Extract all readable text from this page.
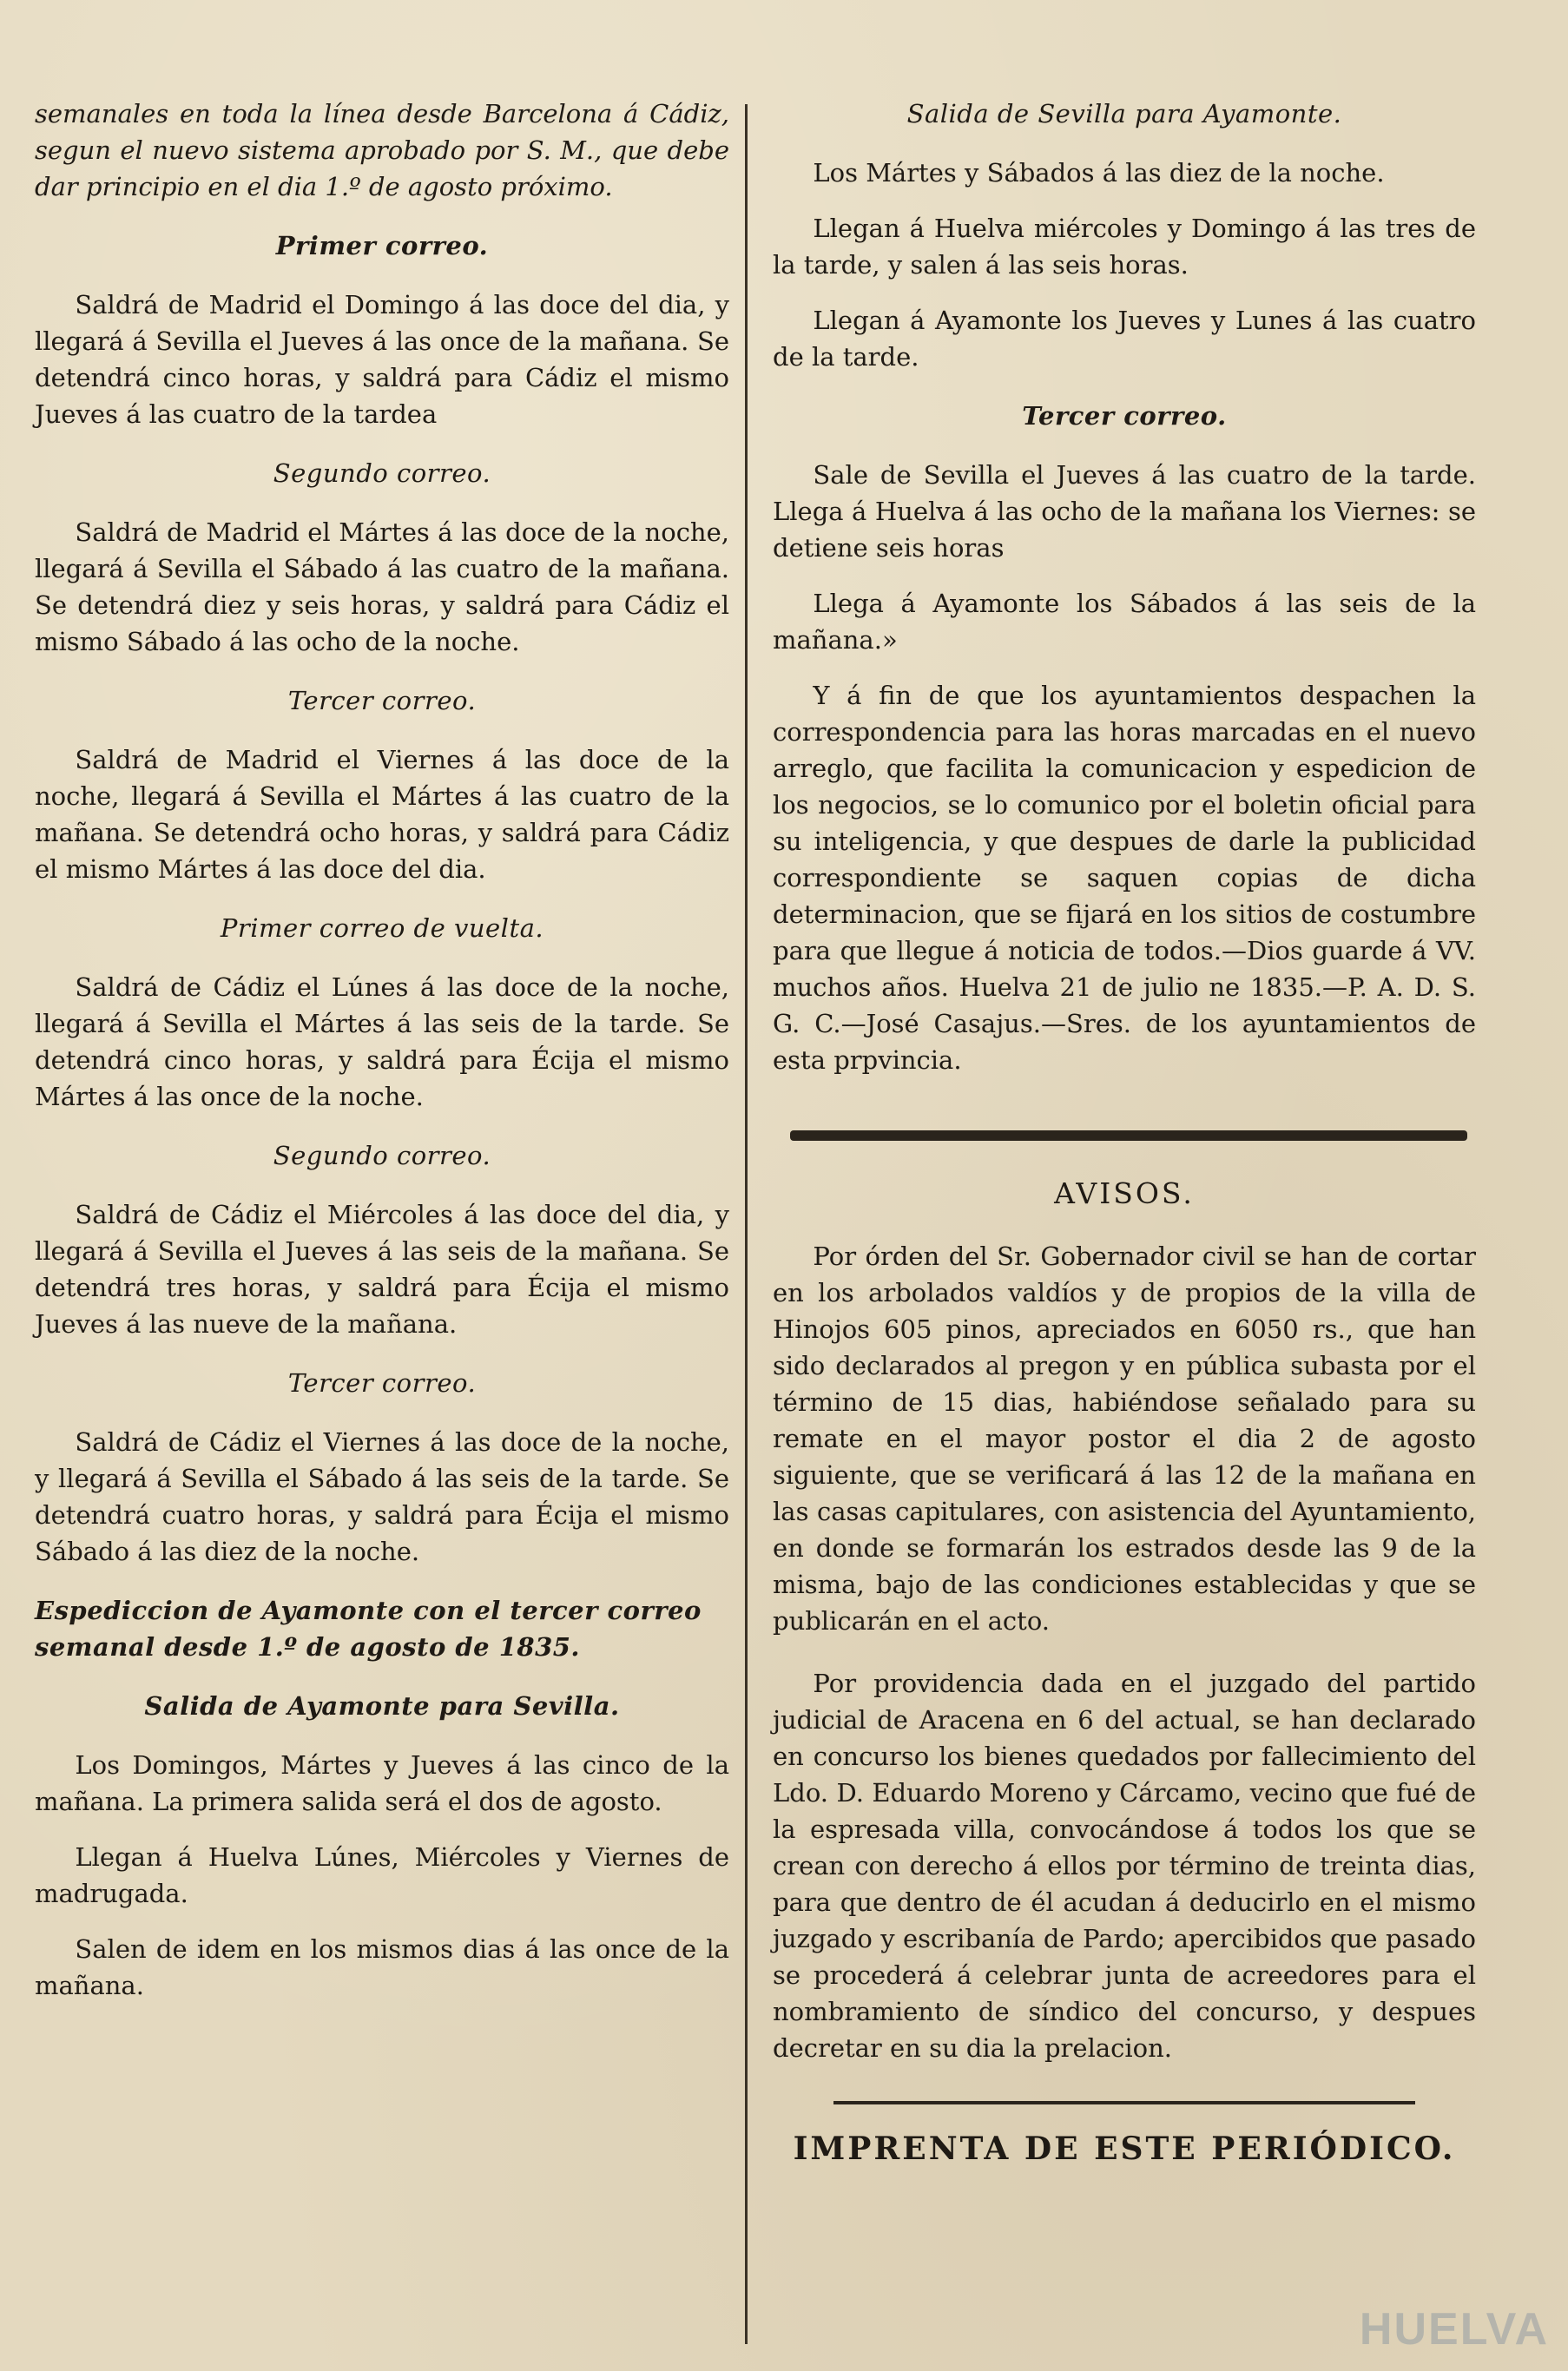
semanales en toda la línea desde Barcelona á Cádiz, segun el nuevo sistema aprobado por S. M., que debe dar principio en el dia 1.º de agosto próximo.

Primer correo.

Saldrá de Madrid el Domingo á las doce del dia, y llegará á Sevilla el Jueves á las once de la mañana. Se detendrá cinco horas, y saldrá para Cádiz el mismo Jueves á las cuatro de la tardea

Segundo correo.

Saldrá de Madrid el Mártes á las doce de la noche, llegará á Sevilla el Sábado á las cuatro de la mañana. Se detendrá diez y seis horas, y saldrá para Cádiz el mismo Sábado á las ocho de la noche.

Tercer correo.

Saldrá de Madrid el Viernes á las doce de la noche, llegará á Sevilla el Mártes á las cuatro de la mañana. Se detendrá ocho horas, y saldrá para Cádiz el mismo Mártes á las doce del dia.

Primer correo de vuelta.

Saldrá de Cádiz el Lúnes á las doce de la noche, llegará á Sevilla el Mártes á las seis de la tarde. Se detendrá cinco horas, y saldrá para Écija el mismo Mártes á las once de la noche.

Segundo correo.

Saldrá de Cádiz el Miércoles á las doce del dia, y llegará á Sevilla el Jueves á las seis de la mañana. Se detendrá tres horas, y saldrá para Écija el mismo Jueves á las nueve de la mañana.

Tercer correo.

Saldrá de Cádiz el Viernes á las doce de la noche, y llegará á Sevilla el Sábado á las seis de la tarde. Se detendrá cuatro horas, y saldrá para Écija el mismo Sábado á las diez de la noche.

Espediccion de Ayamonte con el tercer correo semanal desde 1.º de agosto de 1835.
Salida de Ayamonte para Sevilla.

Los Domingos, Mártes y Jueves á las cinco de la mañana. La primera salida será el dos de agosto.

Llegan á Huelva Lúnes, Miércoles y Viernes de madrugada.

Salen de idem en los mismos dias á las once de la mañana.

Salida de Sevilla para Ayamonte.

Los Mártes y Sábados á las diez de la noche.

Llegan á Huelva miércoles y Domingo á las tres de la tarde, y salen á las seis horas.

Llegan á Ayamonte los Jueves y Lunes á las cuatro de la tarde.

Tercer correo.

Sale de Sevilla el Jueves á las cuatro de la tarde. Llega á Huelva á las ocho de la mañana los Viernes: se detiene seis horas

Llega á Ayamonte los Sábados á las seis de la mañana.»

Y á fin de que los ayuntamientos despachen la correspondencia para las horas marcadas en el nuevo arreglo, que facilita la comunicacion y espedicion de los negocios, se lo comunico por el boletin oficial para su inteligencia, y que despues de darle la publicidad correspondiente se saquen copias de dicha determinacion, que se fijará en los sitios de costumbre para que llegue á noticia de todos.—Dios guarde á VV. muchos años. Huelva 21 de julio ne 1835.—P. A. D. S. G. C.—José Casajus.—Sres. de los ayuntamientos de esta prpvincia.

AVISOS.

Por órden del Sr. Gobernador civil se han de cortar en los arbolados valdíos y de propios de la villa de Hinojos 605 pinos, apreciados en 6050 rs., que han sido declarados al pregon y en pública subasta por el término de 15 dias, habiéndose señalado para su remate en el mayor postor el dia 2 de agosto siguiente, que se verificará á las 12 de la mañana en las casas capitulares, con asistencia del Ayuntamiento, en donde se formarán los estrados desde las 9 de la misma, bajo de las condiciones establecidas y que se publicarán en el acto.

Por providencia dada en el juzgado del partido judicial de Aracena en 6 del actual, se han declarado en concurso los bienes quedados por fallecimiento del Ldo. D. Eduardo Moreno y Cárcamo, vecino que fué de la espresada villa, convocándose á todos los que se crean con derecho á ellos por término de treinta dias, para que dentro de él acudan á deducirlo en el mismo juzgado y escribanía de Pardo; apercibidos que pasado se procederá á celebrar junta de acreedores para el nombramiento de síndico del concurso, y despues decretar en su dia la prelacion.

IMPRENTA DE ESTE PERIÓDICO.
HUELVA
